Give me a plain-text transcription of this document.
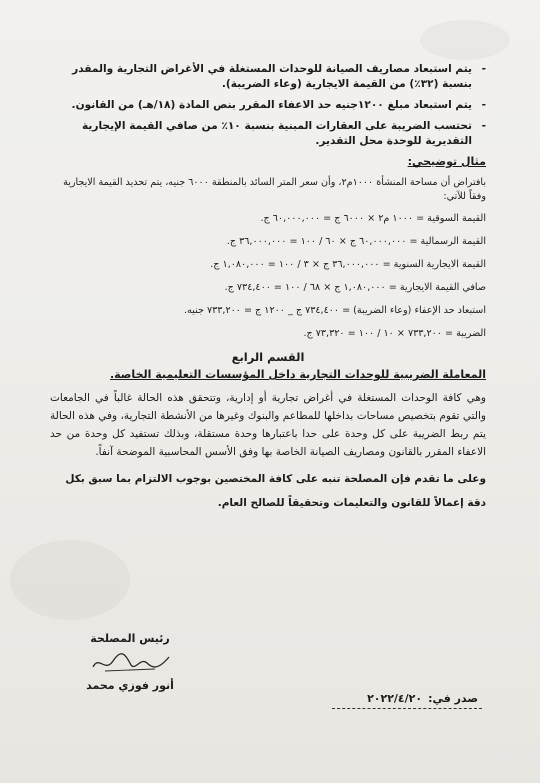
- يتم استبعاد مصاريف الصيانة للوحدات المستغلة في الأغراض التجارية والمقدر بنسبة (٣٢٪) من القيمة الايجارية (وعاء الضريبة).
- يتم استبعاد مبلغ ١٢٠٠جنيه حد الاعفاء المقرر بنص المادة (١٨/هـ) من القانون.
- تحتسب الضريبة على العقارات المبنية بنسبة ١٠٪ من صافي القيمة الإيجارية التقديرية للوحدة محل التقدير.
مثال توضيحي:

بافتراض أن مساحة المنشأة ١٠٠٠م٢، وأن سعر المتر السائد بالمنطقة ٦٠٠٠ جنيه، يتم تحديد القيمة الايجارية وفقاً للآتي:

القيمة السوقية = ١٠٠٠ م٢ × ٦٠٠٠ ج = ٦٠,٠٠٠,٠٠٠ ج.
القيمة الرسمالية = ٦٠,٠٠٠,٠٠٠ ج × ٦٠ / ١٠٠ = ٣٦,٠٠٠,٠٠٠ ج.
القيمة الايجارية السنوية = ٣٦,٠٠٠,٠٠٠ ج × ٣ / ١٠٠ = ١,٠٨٠,٠٠٠ ج.
صافي القيمة الايجارية = ١,٠٨٠,٠٠٠ ج × ٦٨ / ١٠٠ = ٧٣٤,٤٠٠ ج.
استبعاد حد الإعفاء (وعاء الضريبة) = ٧٣٤,٤٠٠ ج _ ١٢٠٠ ج = ٧٣٣,٢٠٠ جنيه.
الضريبة = ٧٣٣,٢٠٠ × ١٠ / ١٠٠ = ٧٣,٣٢٠ ج.
القسم الرابع
المعاملة الضريبية للوحدات التجارية داخل المؤسسات التعليمية الخاصة.

وهي كافة الوحدات المستغلة في أغراض تجارية أو إدارية، وتتحقق هذه الحالة غالباً في الجامعات والتي تقوم بتخصيص مساحات بداخلها للمطاعم والبنوك وغيرها من الأنشطة التجارية، وفي هذه الحالة يتم ربط الضريبة على كل وحدة على حدا باعتبارها وحدة مستقلة، وبذلك تستفيد كل وحدة من حد الاعفاء المقرر بالقانون ومصاريف الصيانة الخاصة بها وفق الأسس المحاسبية الموضحة آنفاً.

وعلى ما تقدم فإن المصلحة تنبه على كافة المختصين بوجوب الالتزام بما سبق بكل دقة إعمالاً للقانون والتعليمات وتحقيقاً للصالح العام.

رئيس المصلحة
أنور فوزي محمد
صدر في:
٢٠٢٢/٤/٢٠
